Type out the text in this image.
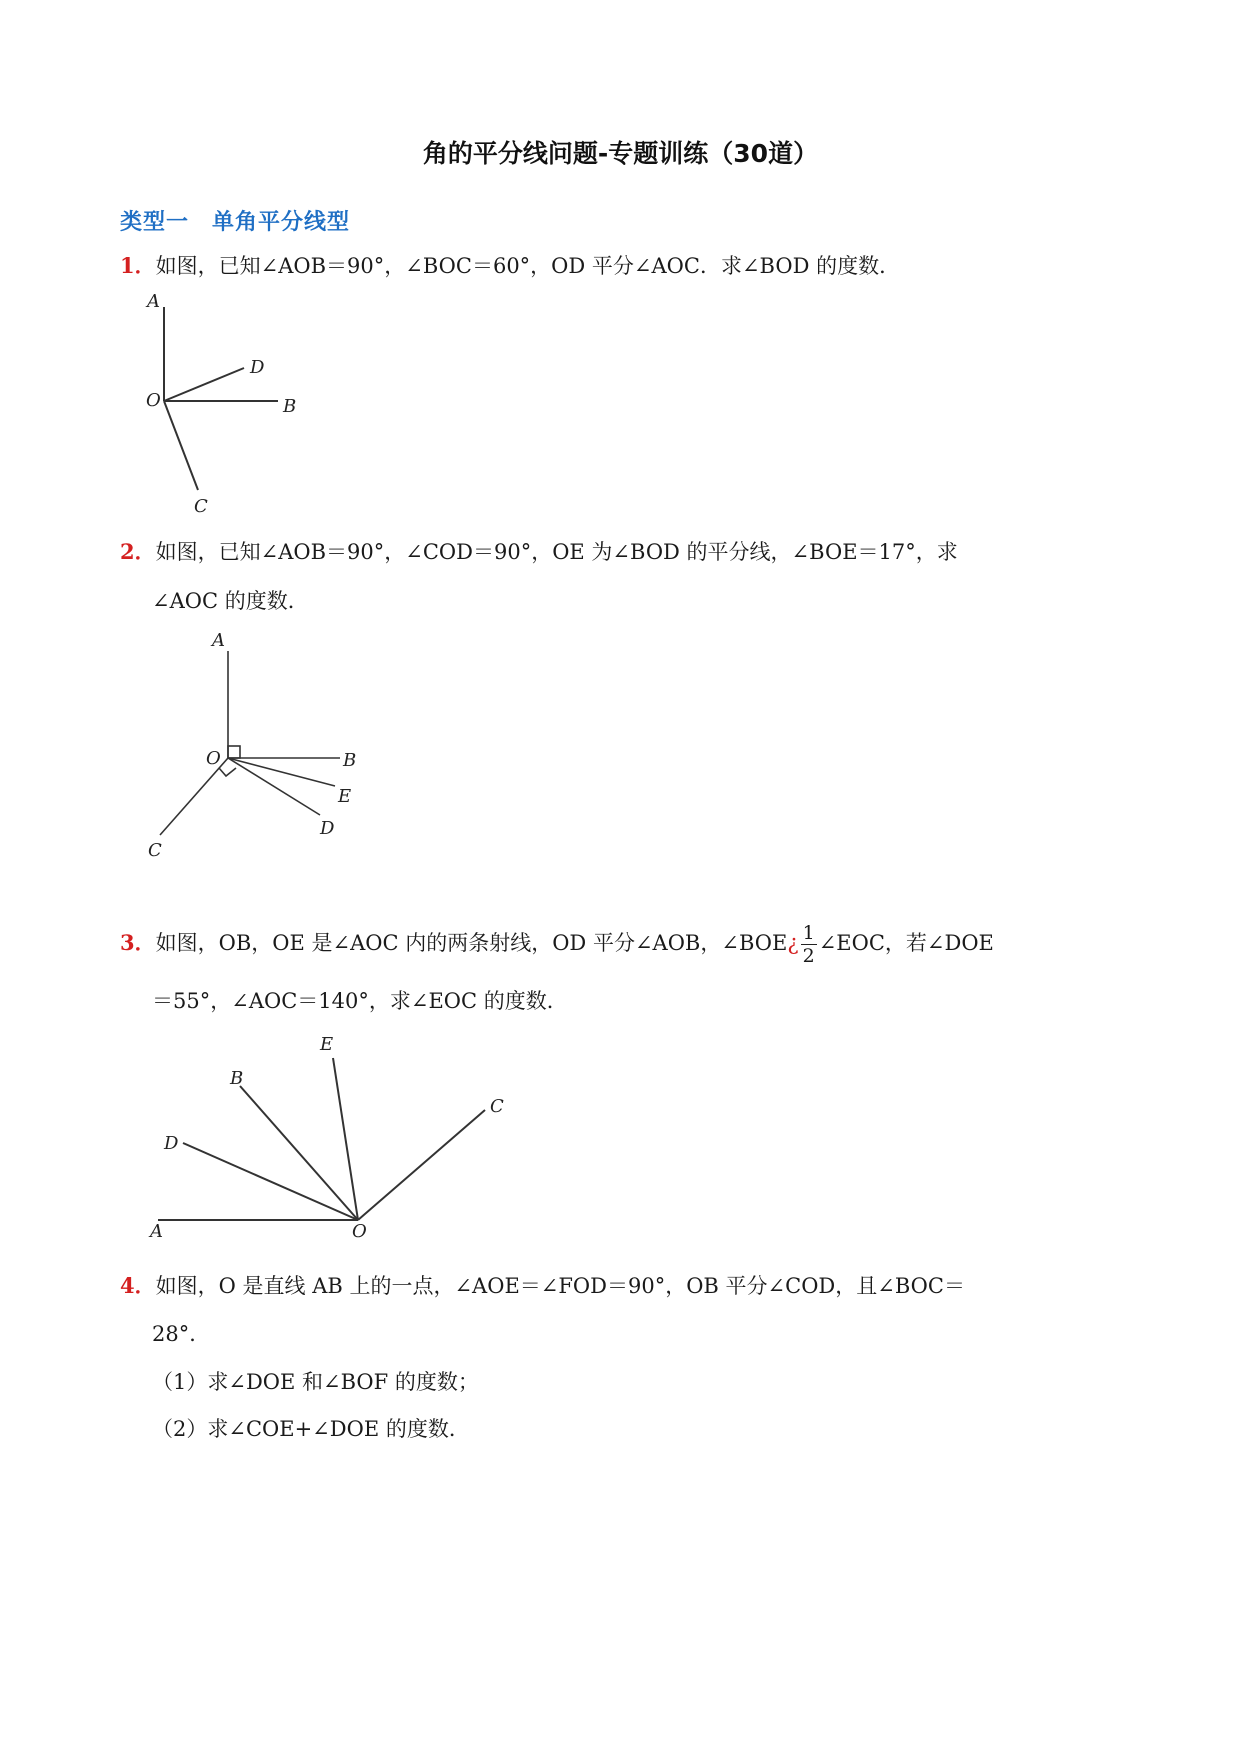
角的平分线问题-专题训练（30道）
类型一　单角平分线型
1．如图，已知∠AOB＝90°，∠BOC＝60°，OD 平分∠AOC．求∠BOD 的度数．
A
D
O	B
C
2．如图，已知∠AOB＝90°，∠COD＝90°，OE 为∠BOD 的平分线，∠BOE＝17°，求
∠AOC 的度数．
A
O	B
E
D
C
3．如图，OB，OE 是∠AOC 内的两条射线，OD 平分∠AOB，∠BOE¿ $\frac{1}{2}$ ∠EOC，若∠DOE
＝55°，∠AOC＝140°，求∠EOC 的度数．
E
B
C
D
A	O
4．如图，O 是直线 AB 上的一点，∠AOE＝∠FOD＝90°，OB 平分∠COD，且∠BOC＝
28°．
（1）求∠DOE 和∠BOF 的度数；
（2）求∠COE+∠DOE 的度数．
